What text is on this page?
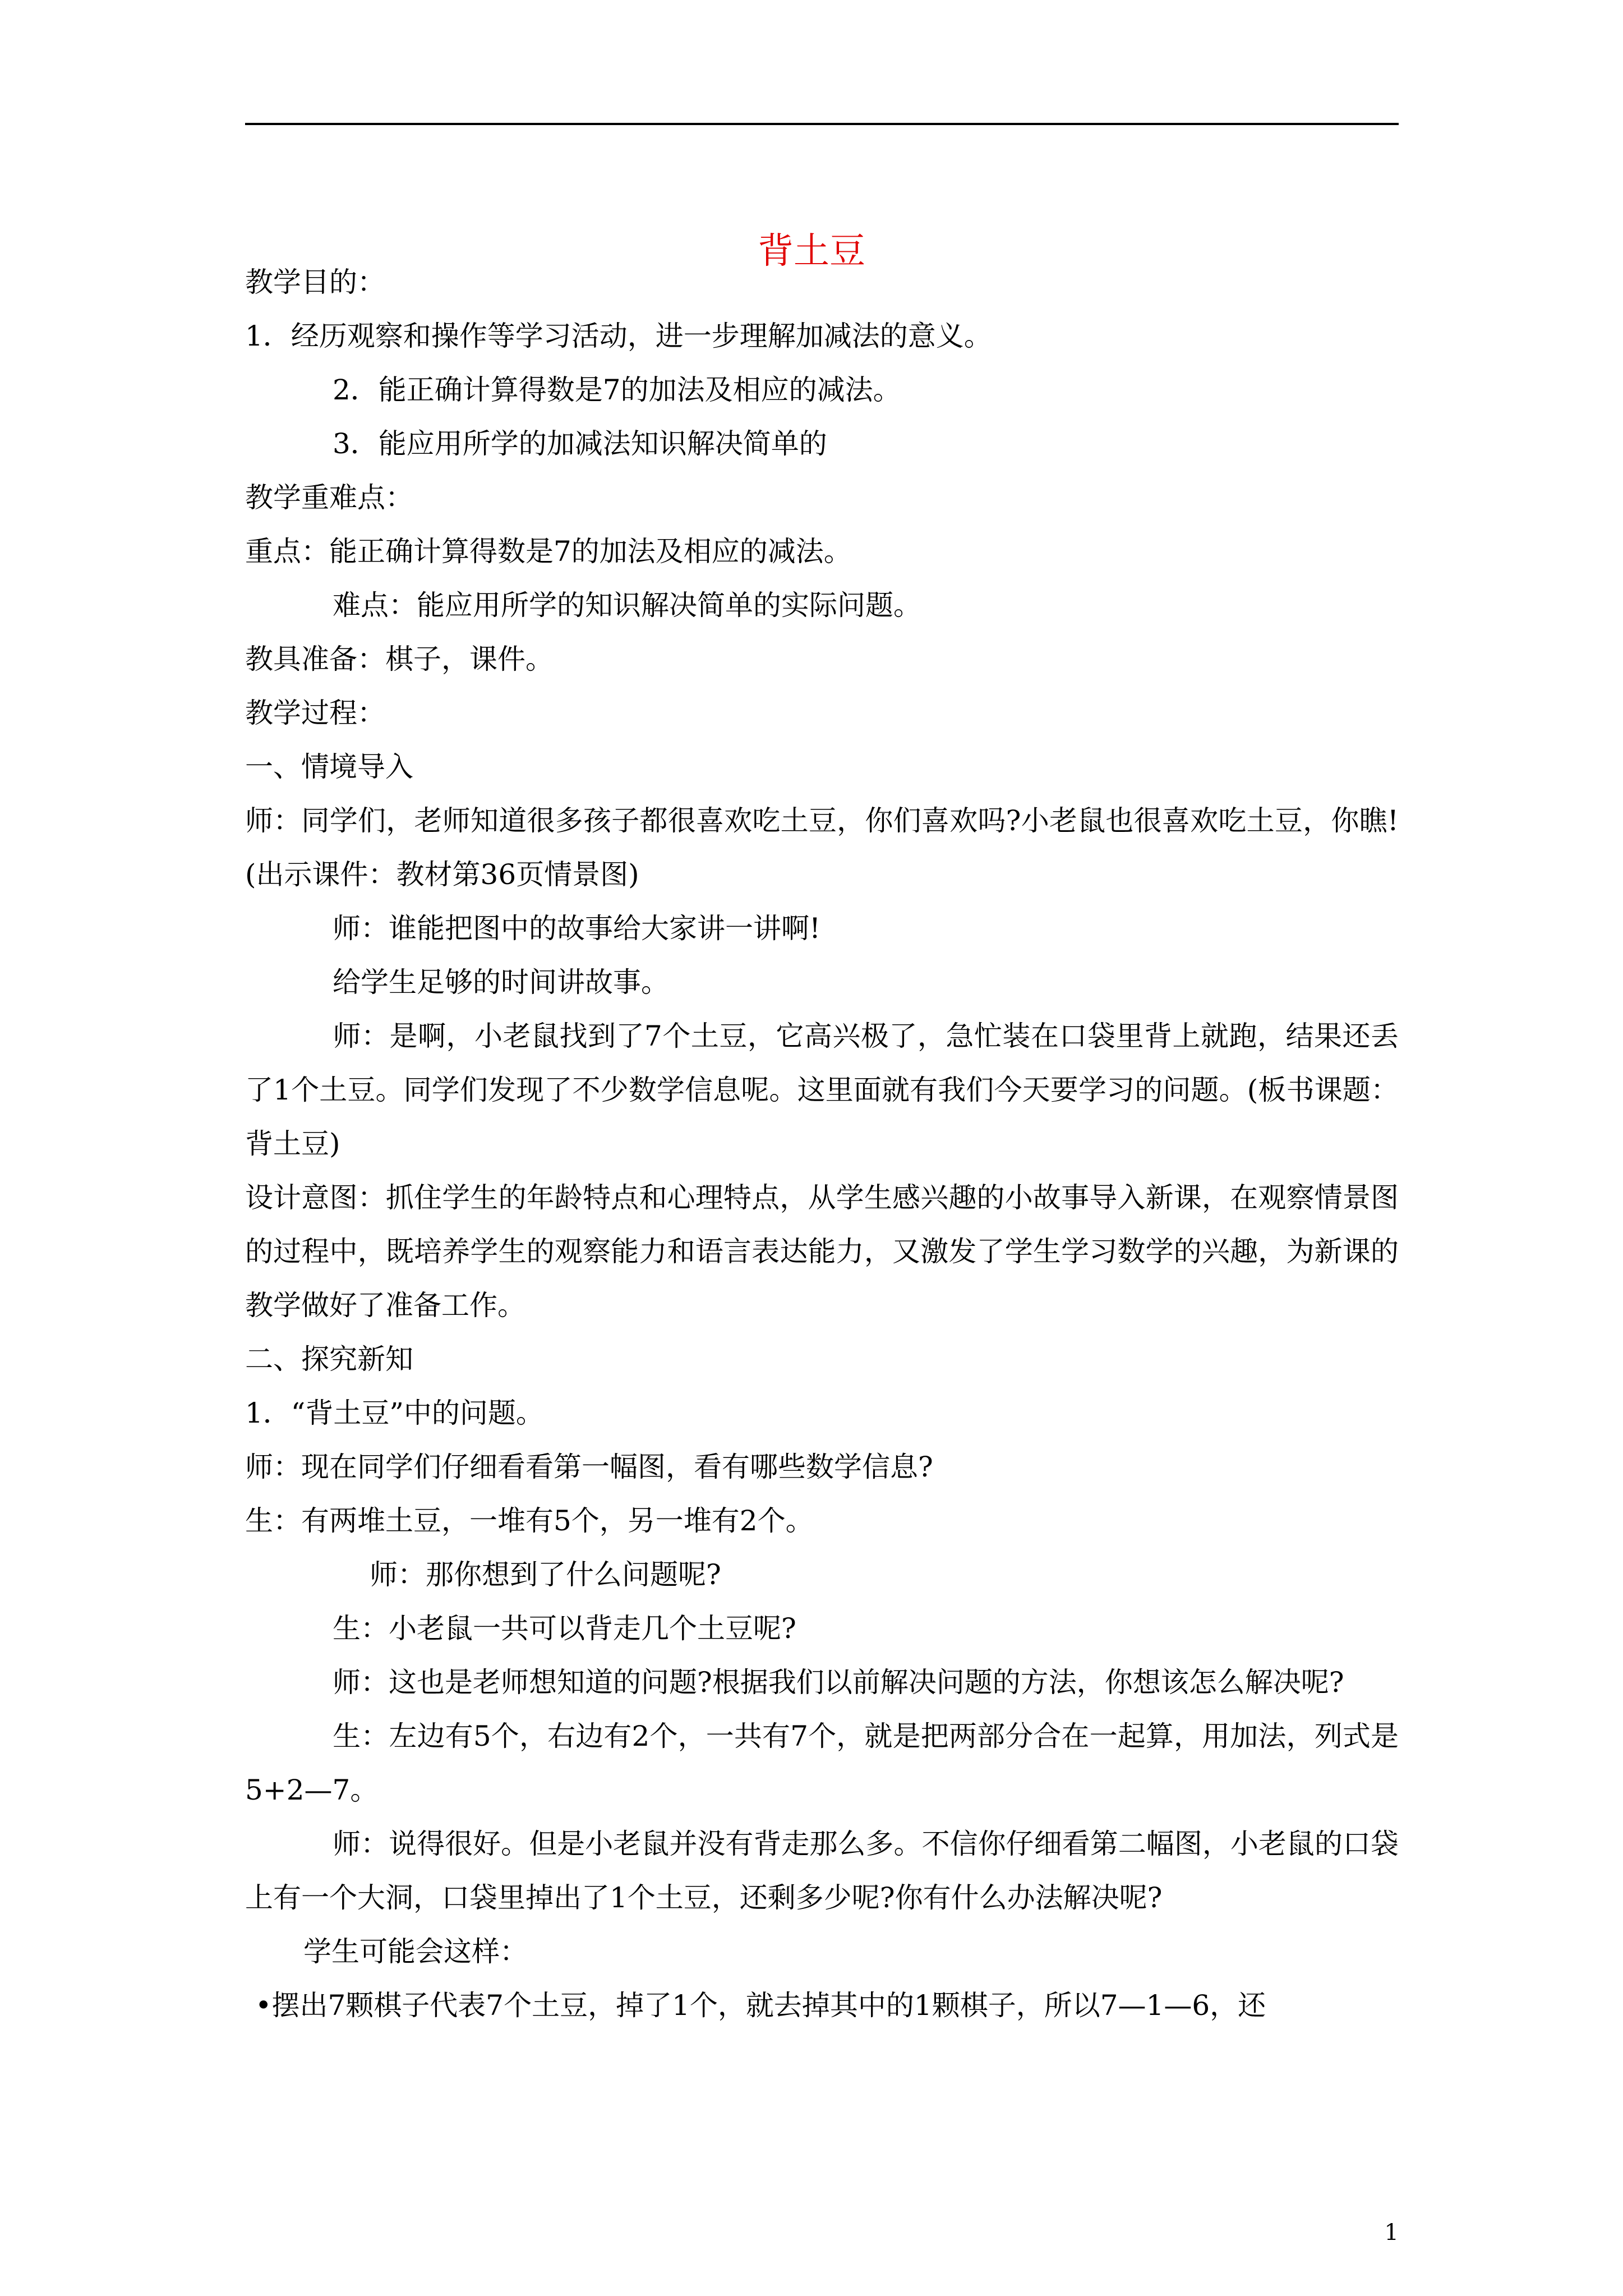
背土豆

教学目的：

1．经历观察和操作等学习活动，进一步理解加减法的意义。

2．能正确计算得数是7的加法及相应的减法。

3．能应用所学的加减法知识解决简单的

教学重难点：

重点：能正确计算得数是7的加法及相应的减法。

难点：能应用所学的知识解决简单的实际问题。

教具准备：棋子，课件。

教学过程：

一、情境导入

师：同学们，老师知道很多孩子都很喜欢吃土豆，你们喜欢吗?小老鼠也很喜欢吃土豆，你瞧!(出示课件：教材第36页情景图)

师：谁能把图中的故事给大家讲一讲啊!

给学生足够的时间讲故事。

师：是啊，小老鼠找到了7个土豆，它高兴极了，急忙装在口袋里背上就跑，结果还丢了1个土豆。同学们发现了不少数学信息呢。这里面就有我们今天要学习的问题。(板书课题：背土豆)

设计意图：抓住学生的年龄特点和心理特点，从学生感兴趣的小故事导入新课，在观察情景图的过程中，既培养学生的观察能力和语言表达能力，又激发了学生学习数学的兴趣，为新课的教学做好了准备工作。

二、探究新知

1．“背土豆”中的问题。

师：现在同学们仔细看看第一幅图，看有哪些数学信息?

生：有两堆土豆，一堆有5个，另一堆有2个。

师：那你想到了什么问题呢?

生：小老鼠一共可以背走几个土豆呢?

师：这也是老师想知道的问题?根据我们以前解决问题的方法，你想该怎么解决呢?

生：左边有5个，右边有2个，一共有7个，就是把两部分合在一起算，用加法，列式是5+2—7。

师：说得很好。但是小老鼠并没有背走那么多。不信你仔细看第二幅图，小老鼠的口袋上有一个大洞，口袋里掉出了1个土豆，还剩多少呢?你有什么办法解决呢?

学生可能会这样：

•摆出7颗棋子代表7个土豆，掉了1个，就去掉其中的1颗棋子，所以7—1—6，还

1
